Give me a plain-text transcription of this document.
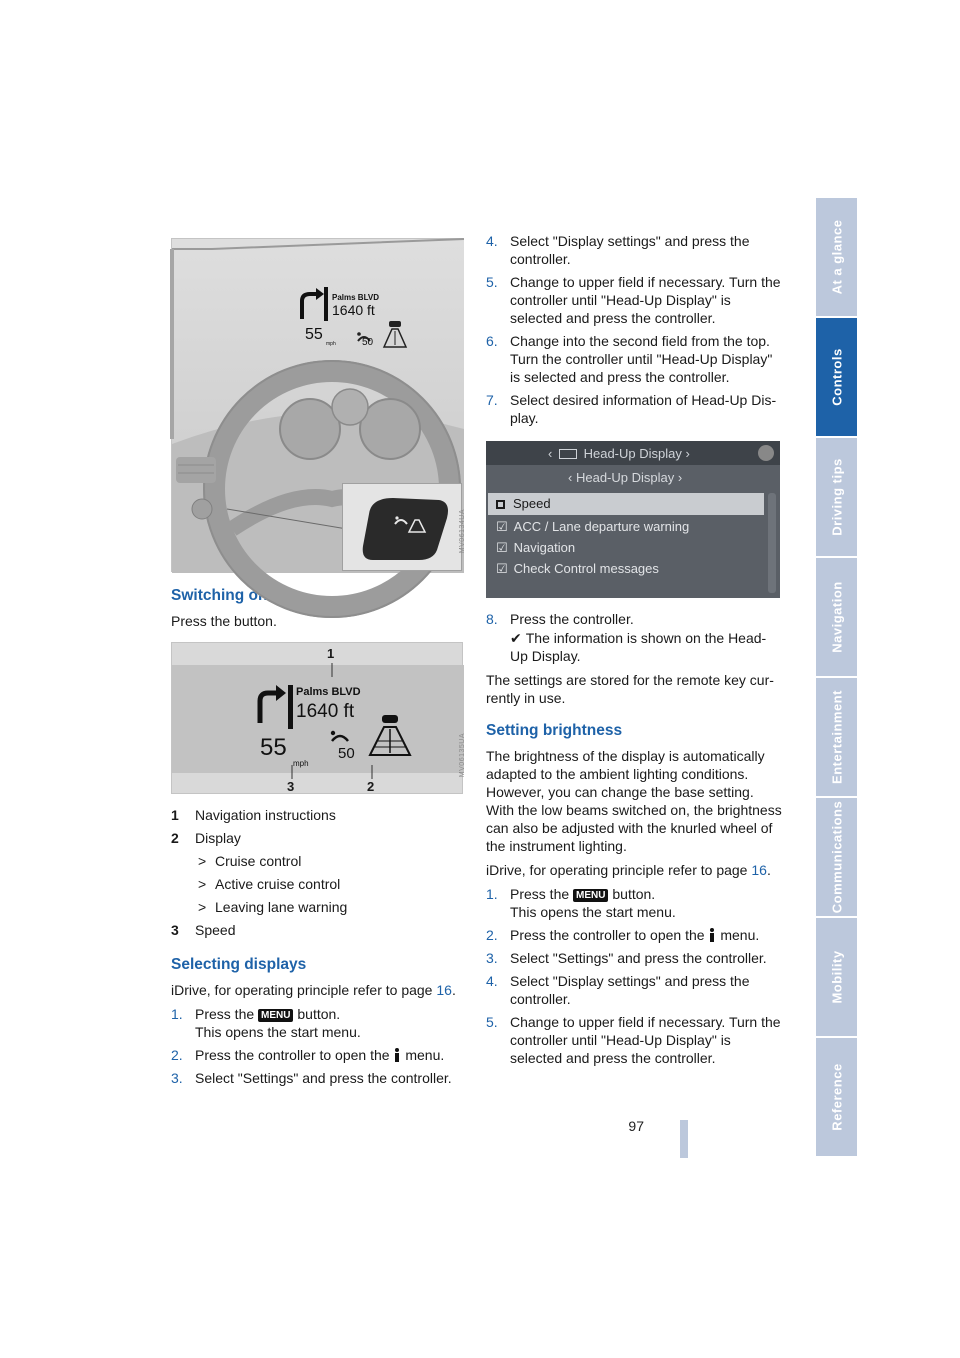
At a glance
Controls
Driving tips
Navigation
Entertainment
Communications
Mobility
Reference
Palms BLVD
1640 ft
55
mph	50
MV06134UA
Switching on/off

Press the button.

1
3	2
Palms BLVD
1640 ft
55
mph
50	MV06135UA
1 Navigation instructions
2 Display
> Cruise control
> Active cruise control
> Leaving lane warning
3 Speed
Selecting displays

iDrive, for operating principle refer to page 16.

1. Press the MENU button.
This opens the start menu.
2. Press the controller to open the menu.
3. Select "Settings" and press the controller.
4. Select "Display settings" and press the controller.
5. Change to upper field if necessary. Turn the controller until "Head-Up Display" is selected and press the controller.
6. Change into the second field from the top. Turn the controller until "Head-Up Display" is selected and press the controller.
7. Select desired information of Head-Up Dis-play.
‹ Head-Up Display ›
‹ Head-Up Display ›
Speed
☑ ACC / Lane departure warning
☑ Navigation
☑ Check Control messages
8. Press the controller.

✔ The information is shown on the Head-Up Display.

The settings are stored for the remote key cur-rently in use.

Setting brightness

The brightness of the display is automatically adapted to the ambient lighting conditions. However, you can change the base setting.

With the low beams switched on, the brightness can also be adjusted with the knurled wheel of the instrument lighting.

iDrive, for operating principle refer to page 16.

1. Press the MENU button.
This opens the start menu.
2. Press the controller to open the menu.
3. Select "Settings" and press the controller.
4. Select "Display settings" and press the controller.
5. Change to upper field if necessary. Turn the controller until "Head-Up Display" is selected and press the controller.
97
